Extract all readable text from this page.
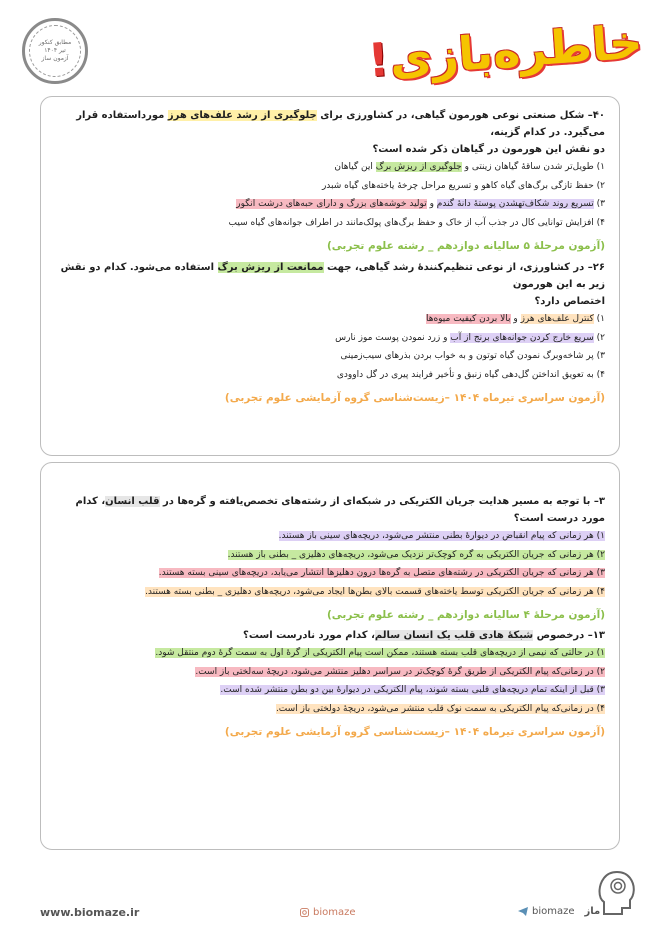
مطابق کنکور
تیر ۱۴۰۴
آزمون ساز	خاطره‌بازی
!
۴۰– شکل صنعتی نوعی هورمون گیاهی، در کشاورزی برای جلوگیری از رشد علف‌های هرز مورداستفاده قرار می‌گیرد. در کدام گزینه،
دو نقش این هورمون در گیاهان ذکر شده است؟
۱) طویل‌تر شدن ساقهٔ گیاهان زینتی و جلوگیری از ریزش برگ این گیاهان
۲) حفظ تازگی برگ‌های گیاه کاهو و تسریع مراحل چرخهٔ یاخته‌های گیاه شبدر
۳) تسریع روند شکاف‌تهشدن پوستهٔ دانهٔ گندم و تولید خوشه‌های بزرگ و دارای حبه‌های درشت انگور
۴) افزایش توانایی کال در جذب آب از خاک و حفظ برگ‌های پولک‌مانند در اطراف جوانه‌های گیاه سیب
(آزمون مرحلهٔ ۵ سالیانه دوازدهم _ رشته علوم تجربی)
۲۶– در کشاورزی، از نوعی تنظیم‌کنندهٔ رشد گیاهی، جهت ممانعت از ریزش برگ استفاده می‌شود. کدام دو نقش زیر به این هورمون
اختصاص دارد؟
۱) کنترل علف‌های هرز و بالا بردن کیفیت میوه‌ها
۲) سریع خارج کردن جوانه‌های برنج از آب و زرد نمودن پوست موز نارس
۳) پر شاخه‌وبرگ نمودن گیاه توتون و به خواب بردن بذرهای سیب‌زمینی
۴) به تعویق انداختن گل‌دهی گیاه زنبق و تأخیر فرایند پیری در گل داوودی
(آزمون سراسری تیرماه ۱۴۰۴ –زیست‌شناسی گروه آزمایشی علوم تجربی)
۳– با توجه به مسیر هدایت جریان الکتریکی در شبکه‌ای از رشته‌های تخصص‌یافته و گره‌ها در قلب انسان، کدام مورد درست است؟
۱) هر زمانی که پیام انقباض در دیوارهٔ بطنی منتشر می‌شود، دریچه‌های سینی باز هستند.
۲) هر زمانی که جریان الکتریکی به گره کوچک‌تر نزدیک می‌شود، دریچه‌های دهلیزی _ بطنی باز هستند.
۳) هر زمانی که جریان الکتریکی در رشته‌های متصل به گره‌ها درون دهلیزها انتشار می‌یابد، دریچه‌های سینی بسته هستند.
۴) هر زمانی که جریان الکتریکی توسط یاخته‌های قسمت بالای بطن‌ها ایجاد می‌شود، دریچه‌های دهلیزی _ بطنی بسته هستند.
(آزمون مرحلهٔ ۴ سالیانه دوازدهم _ رشته علوم تجربی)
۱۳– درخصوص شبکهٔ هادی قلب یک انسان سالم، کدام مورد نادرست است؟
۱) در حالتی که نیمی از دریچه‌های قلب بسته هستند، ممکن است پیام الکتریکی از گرهٔ اول به سمت گرهٔ دوم منتقل شود.
۲) در زمانی‌که پیام الکتریکی از طریق گرهٔ کوچک‌تر در سراسر دهلیز منتشر می‌شود، دریچهٔ سه‌لختی باز است.
۳) قبل از اینکه تمام دریچه‌های قلبی بسته شوند، پیام الکتریکی در دیوارهٔ بین دو بطن منتشر شده است.
۴) در زمانی‌که پیام الکتریکی به سمت نوک قلب منتشر می‌شود، دریچهٔ دولختی باز است.
(آزمون سراسری تیرماه ۱۴۰۴ –زیست‌شناسی گروه آزمایشی علوم تجربی)
www.biomaze.ir	biomaze	biomaze ماز
